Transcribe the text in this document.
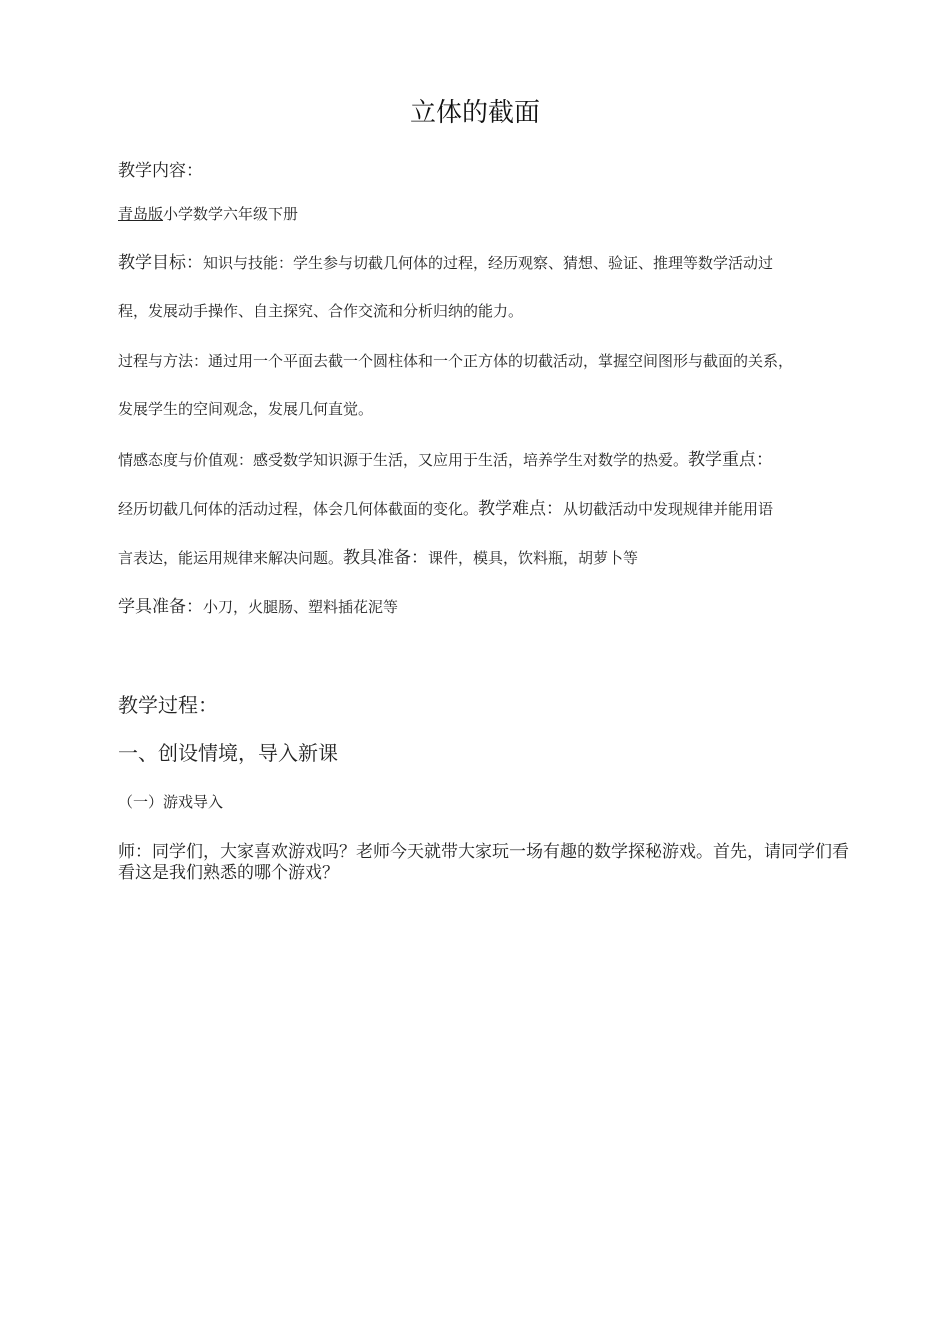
立体的截面
教学内容：
青岛版小学数学六年级下册
教学目标：知识与技能：学生参与切截几何体的过程，经历观察、猜想、验证、推理等数学活动过
程，发展动手操作、自主探究、合作交流和分析归纳的能力。
过程与方法：通过用一个平面去截一个圆柱体和一个正方体的切截活动，掌握空间图形与截面的关系，
发展学生的空间观念，发展几何直觉。
情感态度与价值观：感受数学知识源于生活，又应用于生活，培养学生对数学的热爱。教学重点：
经历切截几何体的活动过程，体会几何体截面的变化。教学难点：从切截活动中发现规律并能用语
言表达，能运用规律来解决问题。教具准备：课件，模具，饮料瓶，胡萝卜等
学具准备：小刀，火腿肠、塑料插花泥等
教学过程：
一、创设情境，导入新课
（一）游戏导入
师：同学们，大家喜欢游戏吗？老师今天就带大家玩一场有趣的数学探秘游戏。首先，请同学们看看这是我们熟悉的哪个游戏？
